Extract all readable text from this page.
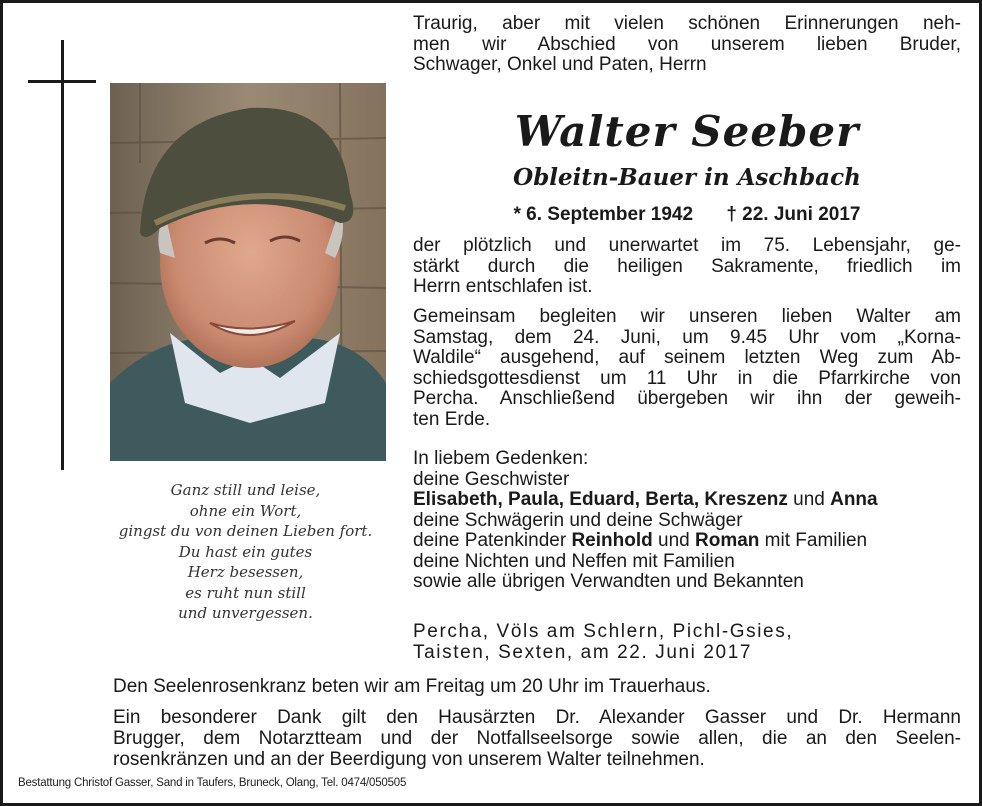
Ganz still und leise,
ohne ein Wort,
gingst du von deinen Lieben fort.
Du hast ein gutes
Herz besessen,
es ruht nun still
und unvergessen.
Traurig, aber mit vielen schönen Erinnerungen neh-
men wir Abschied von unserem lieben Bruder,
Schwager, Onkel und Paten, Herrn
Walter Seeber
Obleitn-Bauer in Aschbach
* 6. September 1942 † 22. Juni 2017
der plötzlich und unerwartet im 75. Lebensjahr, ge-
stärkt durch die heiligen Sakramente, friedlich im
Herrn entschlafen ist.
Gemeinsam begleiten wir unseren lieben Walter am
Samstag, dem 24. Juni, um 9.45 Uhr vom „Korna-
Waldile“ ausgehend, auf seinem letzten Weg zum Ab-
schiedsgottesdienst um 11 Uhr in die Pfarrkirche von
Percha. Anschließend übergeben wir ihn der geweih-
ten Erde.
In liebem Gedenken:
deine Geschwister
Elisabeth, Paula, Eduard, Berta, Kreszenz und Anna
deine Schwägerin und deine Schwäger
deine Patenkinder Reinhold und Roman mit Familien
deine Nichten und Neffen mit Familien
sowie alle übrigen Verwandten und Bekannten
Percha, Völs am Schlern, Pichl-Gsies,
Taisten, Sexten, am 22. Juni 2017
Den Seelenrosenkranz beten wir am Freitag um 20 Uhr im Trauerhaus.
Ein besonderer Dank gilt den Hausärzten Dr. Alexander Gasser und Dr. Hermann
Brugger, dem Notarztteam und der Notfallseelsorge sowie allen, die an den Seelen-
rosenkränzen und an der Beerdigung von unserem Walter teilnehmen.
Bestattung Christof Gasser, Sand in Taufers, Bruneck, Olang, Tel. 0474/050505
